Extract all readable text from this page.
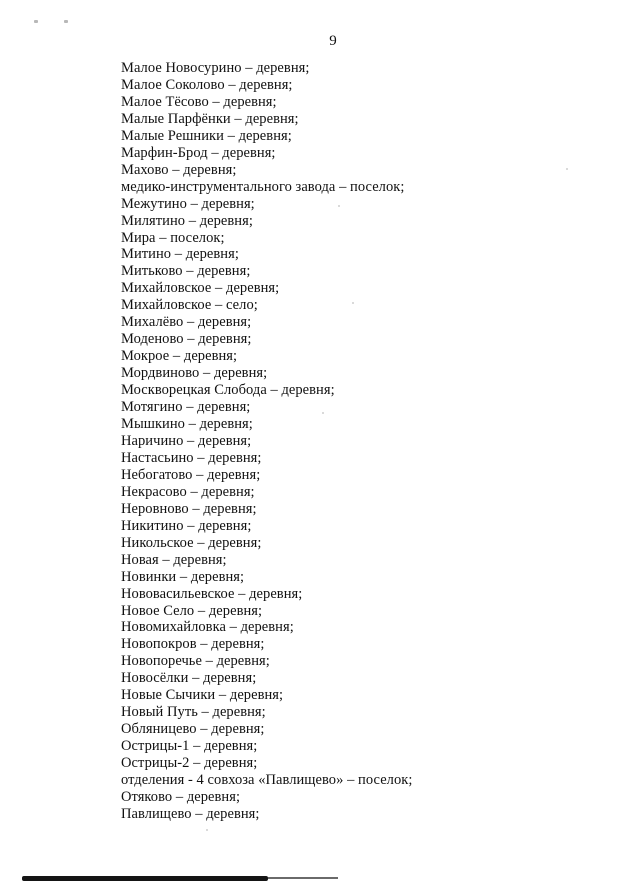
9
Малое Новосурино – деревня;
Малое Соколово – деревня;
Малое Тёсово – деревня;
Малые Парфёнки – деревня;
Малые Решники – деревня;
Марфин-Брод – деревня;
Махово – деревня;
медико-инструментального завода – поселок;
Межутино – деревня;
Милятино – деревня;
Мира – поселок;
Митино – деревня;
Митьково – деревня;
Михайловское – деревня;
Михайловское – село;
Михалёво – деревня;
Моденово – деревня;
Мокрое – деревня;
Мордвиново – деревня;
Москворецкая Слобода – деревня;
Мотягино – деревня;
Мышкино – деревня;
Наричино – деревня;
Настасьино – деревня;
Небогатово – деревня;
Некрасово – деревня;
Неровново – деревня;
Никитино – деревня;
Никольское – деревня;
Новая – деревня;
Новинки – деревня;
Нововасильевское – деревня;
Новое Село – деревня;
Новомихайловка – деревня;
Новопокров – деревня;
Новопоречье – деревня;
Новосёлки – деревня;
Новые Сычики – деревня;
Новый Путь – деревня;
Обляницево – деревня;
Острицы-1 – деревня;
Острицы-2 – деревня;
отделения - 4 совхоза «Павлищево» – поселок;
Отяково – деревня;
Павлищево – деревня;
